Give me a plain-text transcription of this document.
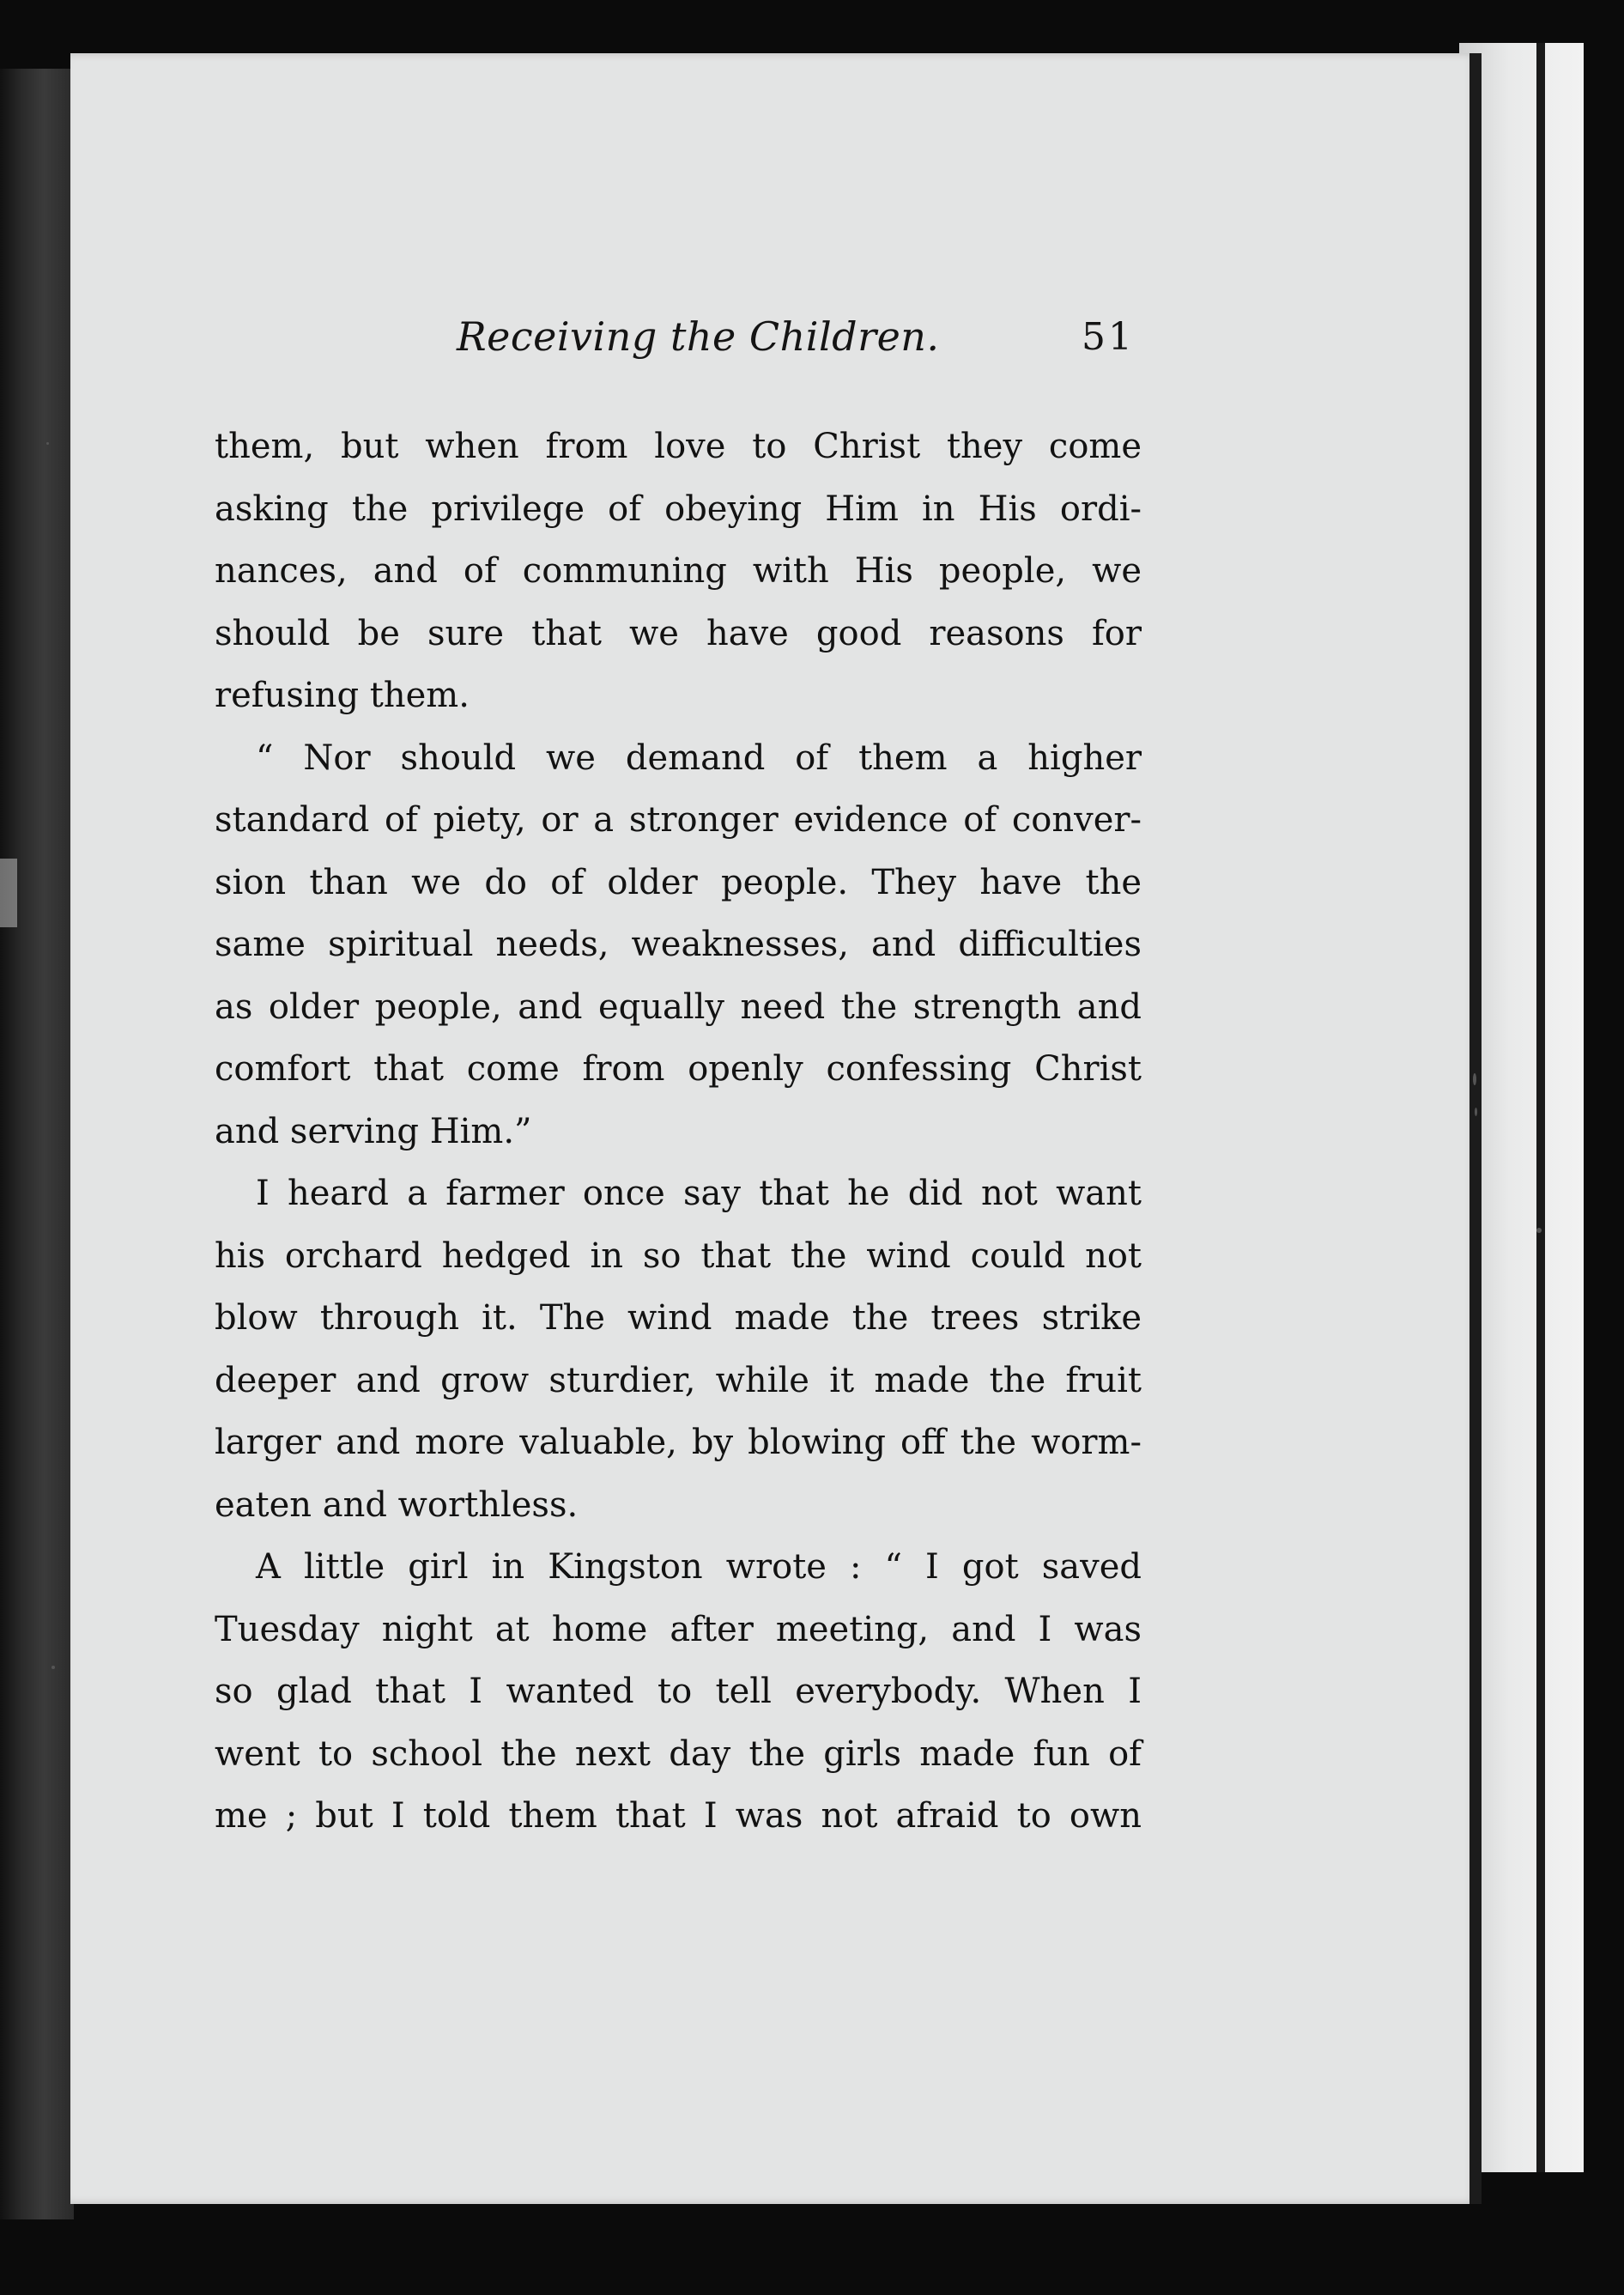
Receiving the Children.	51
them, but when from love to Christ they come
asking the privilege of obeying Him in His ordi-
nances, and of communing with His people, we
should be sure that we have good reasons for
refusing them.
“ Nor should we demand of them a higher
standard of piety, or a stronger evidence of conver-
sion than we do of older people. They have the
same spiritual needs, weaknesses, and difficulties
as older people, and equally need the strength and
comfort that come from openly confessing Christ
and serving Him.”
I heard a farmer once say that he did not want
his orchard hedged in so that the wind could not
blow through it. The wind made the trees strike
deeper and grow sturdier, while it made the fruit
larger and more valuable, by blowing off the worm-
eaten and worthless.
A little girl in Kingston wrote : “ I got saved
Tuesday night at home after meeting, and I was
so glad that I wanted to tell everybody. When I
went to school the next day the girls made fun of
me ; but I told them that I was not afraid to own
